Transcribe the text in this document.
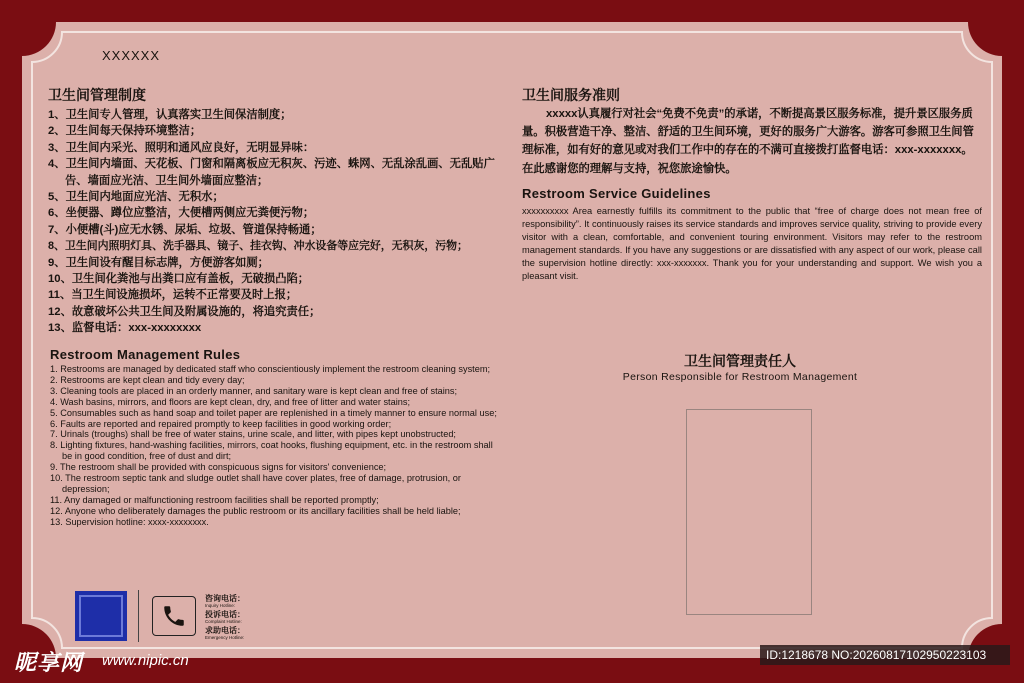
XXXXXX
卫生间管理制度
1、卫生间专人管理，认真落实卫生间保洁制度；
2、卫生间每天保持环境整洁；
3、卫生间内采光、照明和通风应良好，无明显异味：
4、卫生间内墙面、天花板、门窗和隔离板应无积灰、污迹、蛛网、无乱涂乱画、无乱贴广告、墙面应光洁、卫生间外墙面应整洁；
5、卫生间内地面应光洁、无积水；
6、坐便器、蹲位应整洁，大便槽两侧应无粪便污物；
7、小便槽(斗)应无水锈、尿垢、垃圾、管道保持畅通；
8、卫生间内照明灯具、洗手器具、镜子、挂衣钩、冲水设备等应完好，无积灰，污物；
9、卫生间设有醒目标志牌，方便游客如厕；
10、卫生间化粪池与出粪口应有盖板，无破损凸陷；
11、当卫生间设施损坏，运转不正常要及时上报；
12、故意破坏公共卫生间及附属设施的，将追究责任；
13、监督电话：xxx-xxxxxxxx
Restroom Management Rules
1. Restrooms are managed by dedicated staff who conscientiously implement the restroom cleaning system;
2. Restrooms are kept clean and tidy every day;
3. Cleaning tools are placed in an orderly manner, and sanitary ware is kept clean and free of stains;
4. Wash basins, mirrors, and floors are kept clean, dry, and free of litter and water stains;
5. Consumables such as hand soap and toilet paper are replenished in a timely manner to ensure normal use;
6. Faults are reported and repaired promptly to keep facilities in good working order;
7. Urinals (troughs) shall be free of water stains, urine scale, and litter, with pipes kept unobstructed;
8. Lighting fixtures, hand-washing facilities, mirrors, coat hooks, flushing equipment, etc. in the restroom shall be in good condition, free of dust and dirt;
9. The restroom shall be provided with conspicuous signs for visitors' convenience;
10. The restroom septic tank and sludge outlet shall have cover plates, free of damage, protrusion, or depression;
11. Any damaged or malfunctioning restroom facilities shall be reported promptly;
12. Anyone who deliberately damages the public restroom or its ancillary facilities shall be held liable;
13. Supervision hotline: xxxx-xxxxxxxx.
咨询电话：
Inquiry Hotline:
投诉电话：
Complaint Hotline:
求助电话：
Emergency Hotline:
卫生间服务准则

xxxxx认真履行对社会“免费不免责”的承诺，不断提高景区服务标准，提升景区服务质量。积极营造干净、整洁、舒适的卫生间环境，更好的服务广大游客。游客可参照卫生间管理标准，如有好的意见或对我们工作中的存在的不满可直接拨打监督电话：xxx-xxxxxxx。在此感谢您的理解与支持，祝您旅途愉快。

Restroom Service Guidelines

xxxxxxxxxx Area earnestly fulfills its commitment to the public that “free of charge does not mean free of responsibility”. It continuously raises its service standards and improves service quality, striving to provide every visitor with a clean, comfortable, and convenient touring environment. Visitors may refer to the restroom management standards. If you have any suggestions or are dissatisfied with any aspect of our work, please call the supervision hotline directly: xxx-xxxxxxx. Thank you for your understanding and support. We wish you a pleasant visit.

卫生间管理责任人
Person Responsible for Restroom Management
昵享网 www.nipic.cn	ID:1218678 NO:20260817102950223103
